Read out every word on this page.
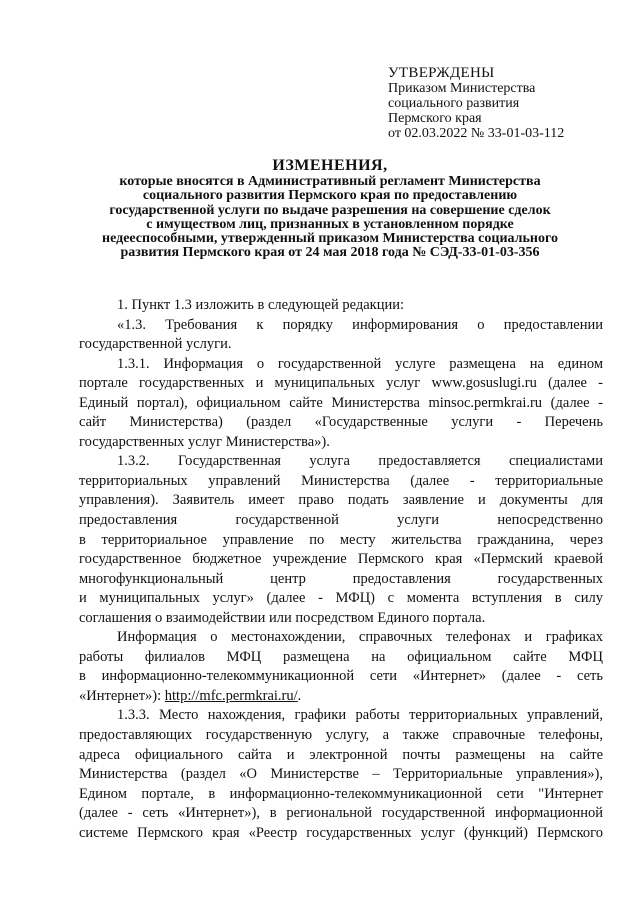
УТВЕРЖДЕНЫ
Приказом Министерства
социального развития
Пермского края
от 02.03.2022 № 33-01-03-112
ИЗМЕНЕНИЯ,
которые вносятся в Административный регламент Министерства
социального развития Пермского края по предоставлению
государственной услуги по выдаче разрешения на совершение сделок
с имуществом лиц, признанных в установленном порядке
недееспособными, утвержденный приказом Министерства социального
развития Пермского края от 24 мая 2018 года № СЭД-33-01-03-356
1. Пункт 1.3 изложить в следующей редакции:
«1.3. Требования к порядку информирования о предоставлении
государственной услуги.
1.3.1. Информация о государственной услуге размещена на едином
портале государственных и муниципальных услуг www.gosuslugi.ru (далее -
Единый портал), официальном сайте Министерства minsoc.permkrai.ru (далее -
сайт Министерства) (раздел «Государственные услуги - Перечень
государственных услуг Министерства»).
1.3.2. Государственная услуга предоставляется специалистами
территориальных управлений Министерства (далее - территориальные
управления). Заявитель имеет право подать заявление и документы для
предоставления государственной услуги непосредственно
в территориальное управление по месту жительства гражданина, через
государственное бюджетное учреждение Пермского края «Пермский краевой
многофункциональный центр предоставления государственных
и муниципальных услуг» (далее - МФЦ) с момента вступления в силу
соглашения о взаимодействии или посредством Единого портала.
Информация о местонахождении, справочных телефонах и графиках
работы филиалов МФЦ размещена на официальном сайте МФЦ
в информационно-телекоммуникационной сети «Интернет» (далее - сеть
«Интернет»): http://mfc.permkrai.ru/.
1.3.3. Место нахождения, графики работы территориальных управлений,
предоставляющих государственную услугу, а также справочные телефоны,
адреса официального сайта и электронной почты размещены на сайте
Министерства (раздел «О Министерстве – Территориальные управления»),
Едином портале, в информационно-телекоммуникационной сети "Интернет
(далее - сеть «Интернет»), в региональной государственной информационной
системе Пермского края «Реестр государственных услуг (функций) Пермского
